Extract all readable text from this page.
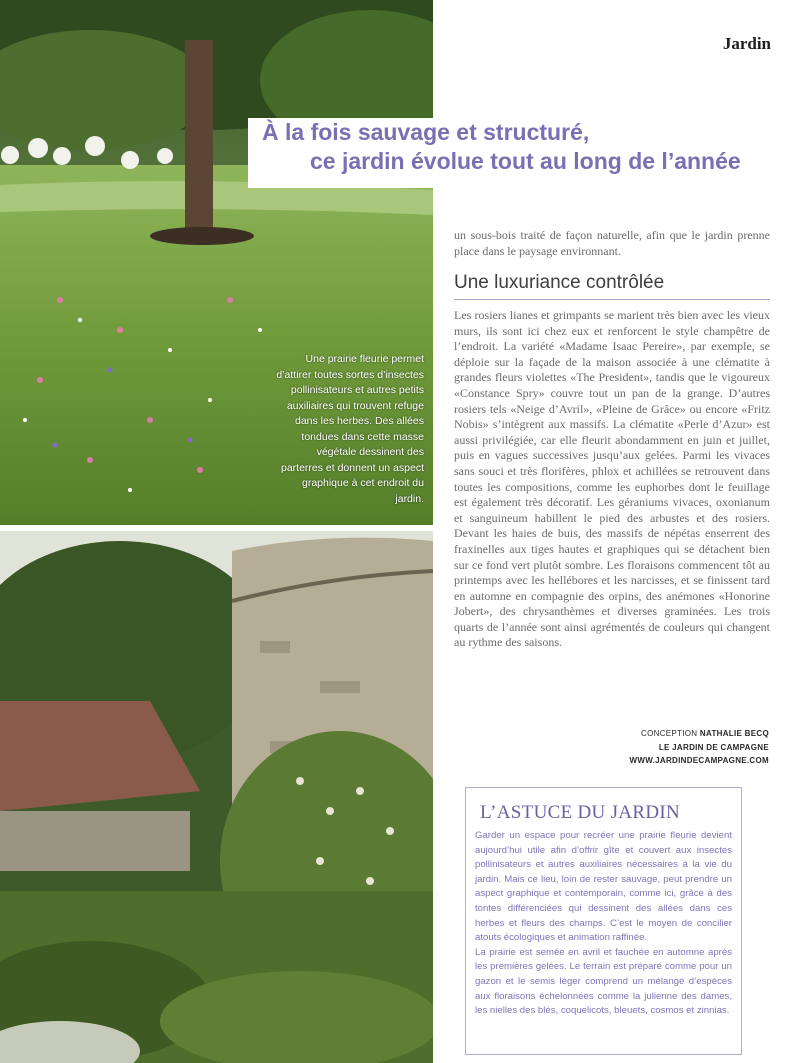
Jardin
À la fois sauvage et structuré,
ce jardin évolue tout au long de l’année
Une prairie fleurie permet d’attirer toutes sortes d’insectes pollinisateurs et autres petits auxiliaires qui trouvent refuge dans les herbes. Des allées tondues dans cette masse végétale dessinent des parterres et donnent un aspect graphique à cet endroit du jardin.

un sous-bois traité de façon naturelle, afin que le jardin prenne place dans le paysage environnant.

Une luxuriance contrôlée

Les rosiers lianes et grimpants se marient très bien avec les vieux murs, ils sont ici chez eux et renforcent le style champêtre de l’endroit. La variété «Madame Isaac Pereire», par exemple, se déploie sur la façade de la maison associée à une clématite à grandes fleurs violettes «The President», tandis que le vigoureux «Constance Spry» couvre tout un pan de la grange. D’autres rosiers tels «Neige d’Avril», «Pleine de Grâce» ou encore «Fritz Nobis» s’intègrent aux massifs. La clématite «Perle d’Azur» est aussi privilégiée, car elle fleurit abondamment en juin et juillet, puis en vagues successives jusqu’aux gelées. Parmi les vivaces sans souci et très florifères, phlox et achillées se retrouvent dans toutes les compositions, comme les euphorbes dont le feuillage est également très décoratif. Les géraniums vivaces, oxonianum et sanguineum habillent le pied des arbustes et des rosiers. Devant les haies de buis, des massifs de népétas enserrent des fraxinelles aux tiges hautes et graphiques qui se détachent bien sur ce fond vert plutôt sombre. Les floraisons commencent tôt au printemps avec les hellébores et les narcisses, et se finissent tard en automne en compagnie des orpins, des anémones «Honorine Jobert», des chrysanthèmes et diverses graminées. Les trois quarts de l’année sont ainsi agrémentés de couleurs qui changent au rythme des saisons.

CONCEPTION NATHALIE BECQ
LE JARDIN DE CAMPAGNE
WWW.JARDINDECAMPAGNE.COM
L’ASTUCE DU JARDIN
Garder un espace pour recréer une prairie fleurie devient aujourd’hui utile afin d’offrir gîte et couvert aux insectes pollinisateurs et autres auxiliaires nécessaires à la vie du jardin. Mais ce lieu, loin de rester sauvage, peut prendre un aspect graphique et contemporain, comme ici, grâce à des tontes différenciées qui dessinent des allées dans ces herbes et fleurs des champs. C’est le moyen de concilier atouts écologiques et animation raffinée.
La prairie est semée en avril et fauchée en automne après les premières gelées. Le terrain est préparé comme pour un gazon et le semis léger comprend un mélange d’espèces aux floraisons échelonnées comme la julienne des dames, les nielles des blés, coquelicots, bleuets, cosmos et zinnias.
